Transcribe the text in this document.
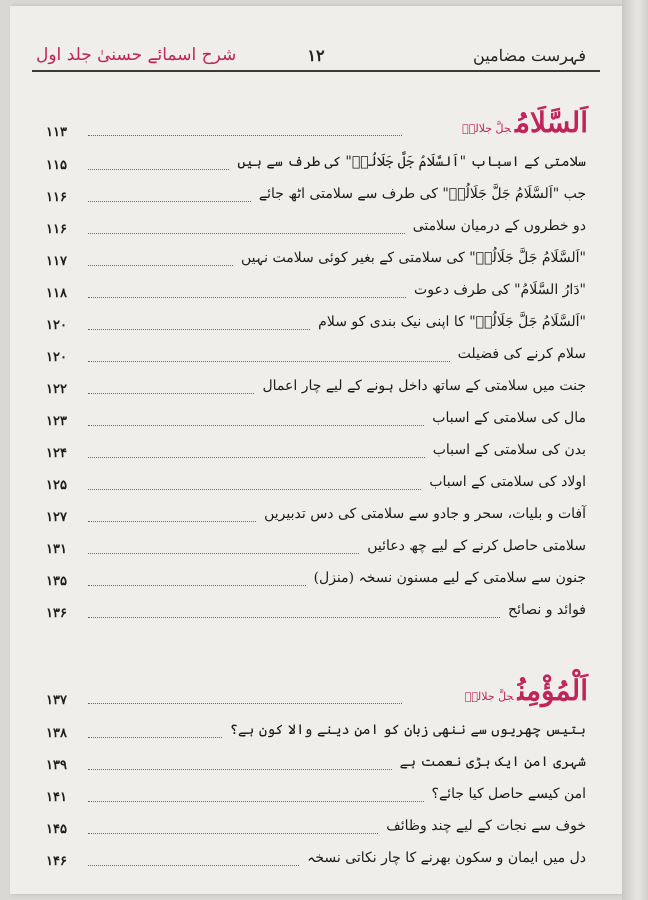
فہرست مضامین
۱۲
شرح اسمائے حسنیٰ جلد اول
اَلسَّلَامُجلَّ جلالہٗ
۱۱۳
سلامتی کے اسباب "اَلسَّلَامُ جَلَّ جَلَالُہٗ" کی طرف سے ہیں
۱۱۵
جب "اَلسَّلَامُ جَلَّ جَلَالُہٗ" کی طرف سے سلامتی اٹھ جائے
۱۱۶
دو خطروں کے درمیان سلامتی
۱۱۶
"اَلسَّلَامُ جَلَّ جَلَالُہٗ" کی سلامتی کے بغیر کوئی سلامت نہیں
۱۱۷
"دَارُ السَّلَامُ" کی طرف دعوت
۱۱۸
"اَلسَّلَامُ جَلَّ جَلَالُہٗ" کا اپنی نیک بندی کو سلام
۱۲۰
سلام کرنے کی فضیلت
۱۲۰
جنت میں سلامتی کے ساتھ داخل ہونے کے لیے چار اعمال
۱۲۲
مال کی سلامتی کے اسباب
۱۲۳
بدن کی سلامتی کے اسباب
۱۲۴
اولاد کی سلامتی کے اسباب
۱۲۵
آفات و بلیات، سحر و جادو سے سلامتی کی دس تدبیریں
۱۲۷
سلامتی حاصل کرنے کے لیے چھ دعائیں
۱۳۱
جنون سے سلامتی کے لیے مسنون نسخہ (منزل)
۱۳۵
فوائد و نصائح
۱۳۶
اَلْمُؤْمِنُجلَّ جلالہٗ
۱۳۷
بتیس چھریوں سے ننھی زبان کو امن دینے والا کون ہے؟
۱۳۸
شہری امن ایک بڑی نعمت ہے
۱۳۹
امن کیسے حاصل کیا جائے؟
۱۴۱
خوف سے نجات کے لیے چند وظائف
۱۴۵
دل میں ایمان و سکون بھرنے کا چار نکاتی نسخہ
۱۴۶
